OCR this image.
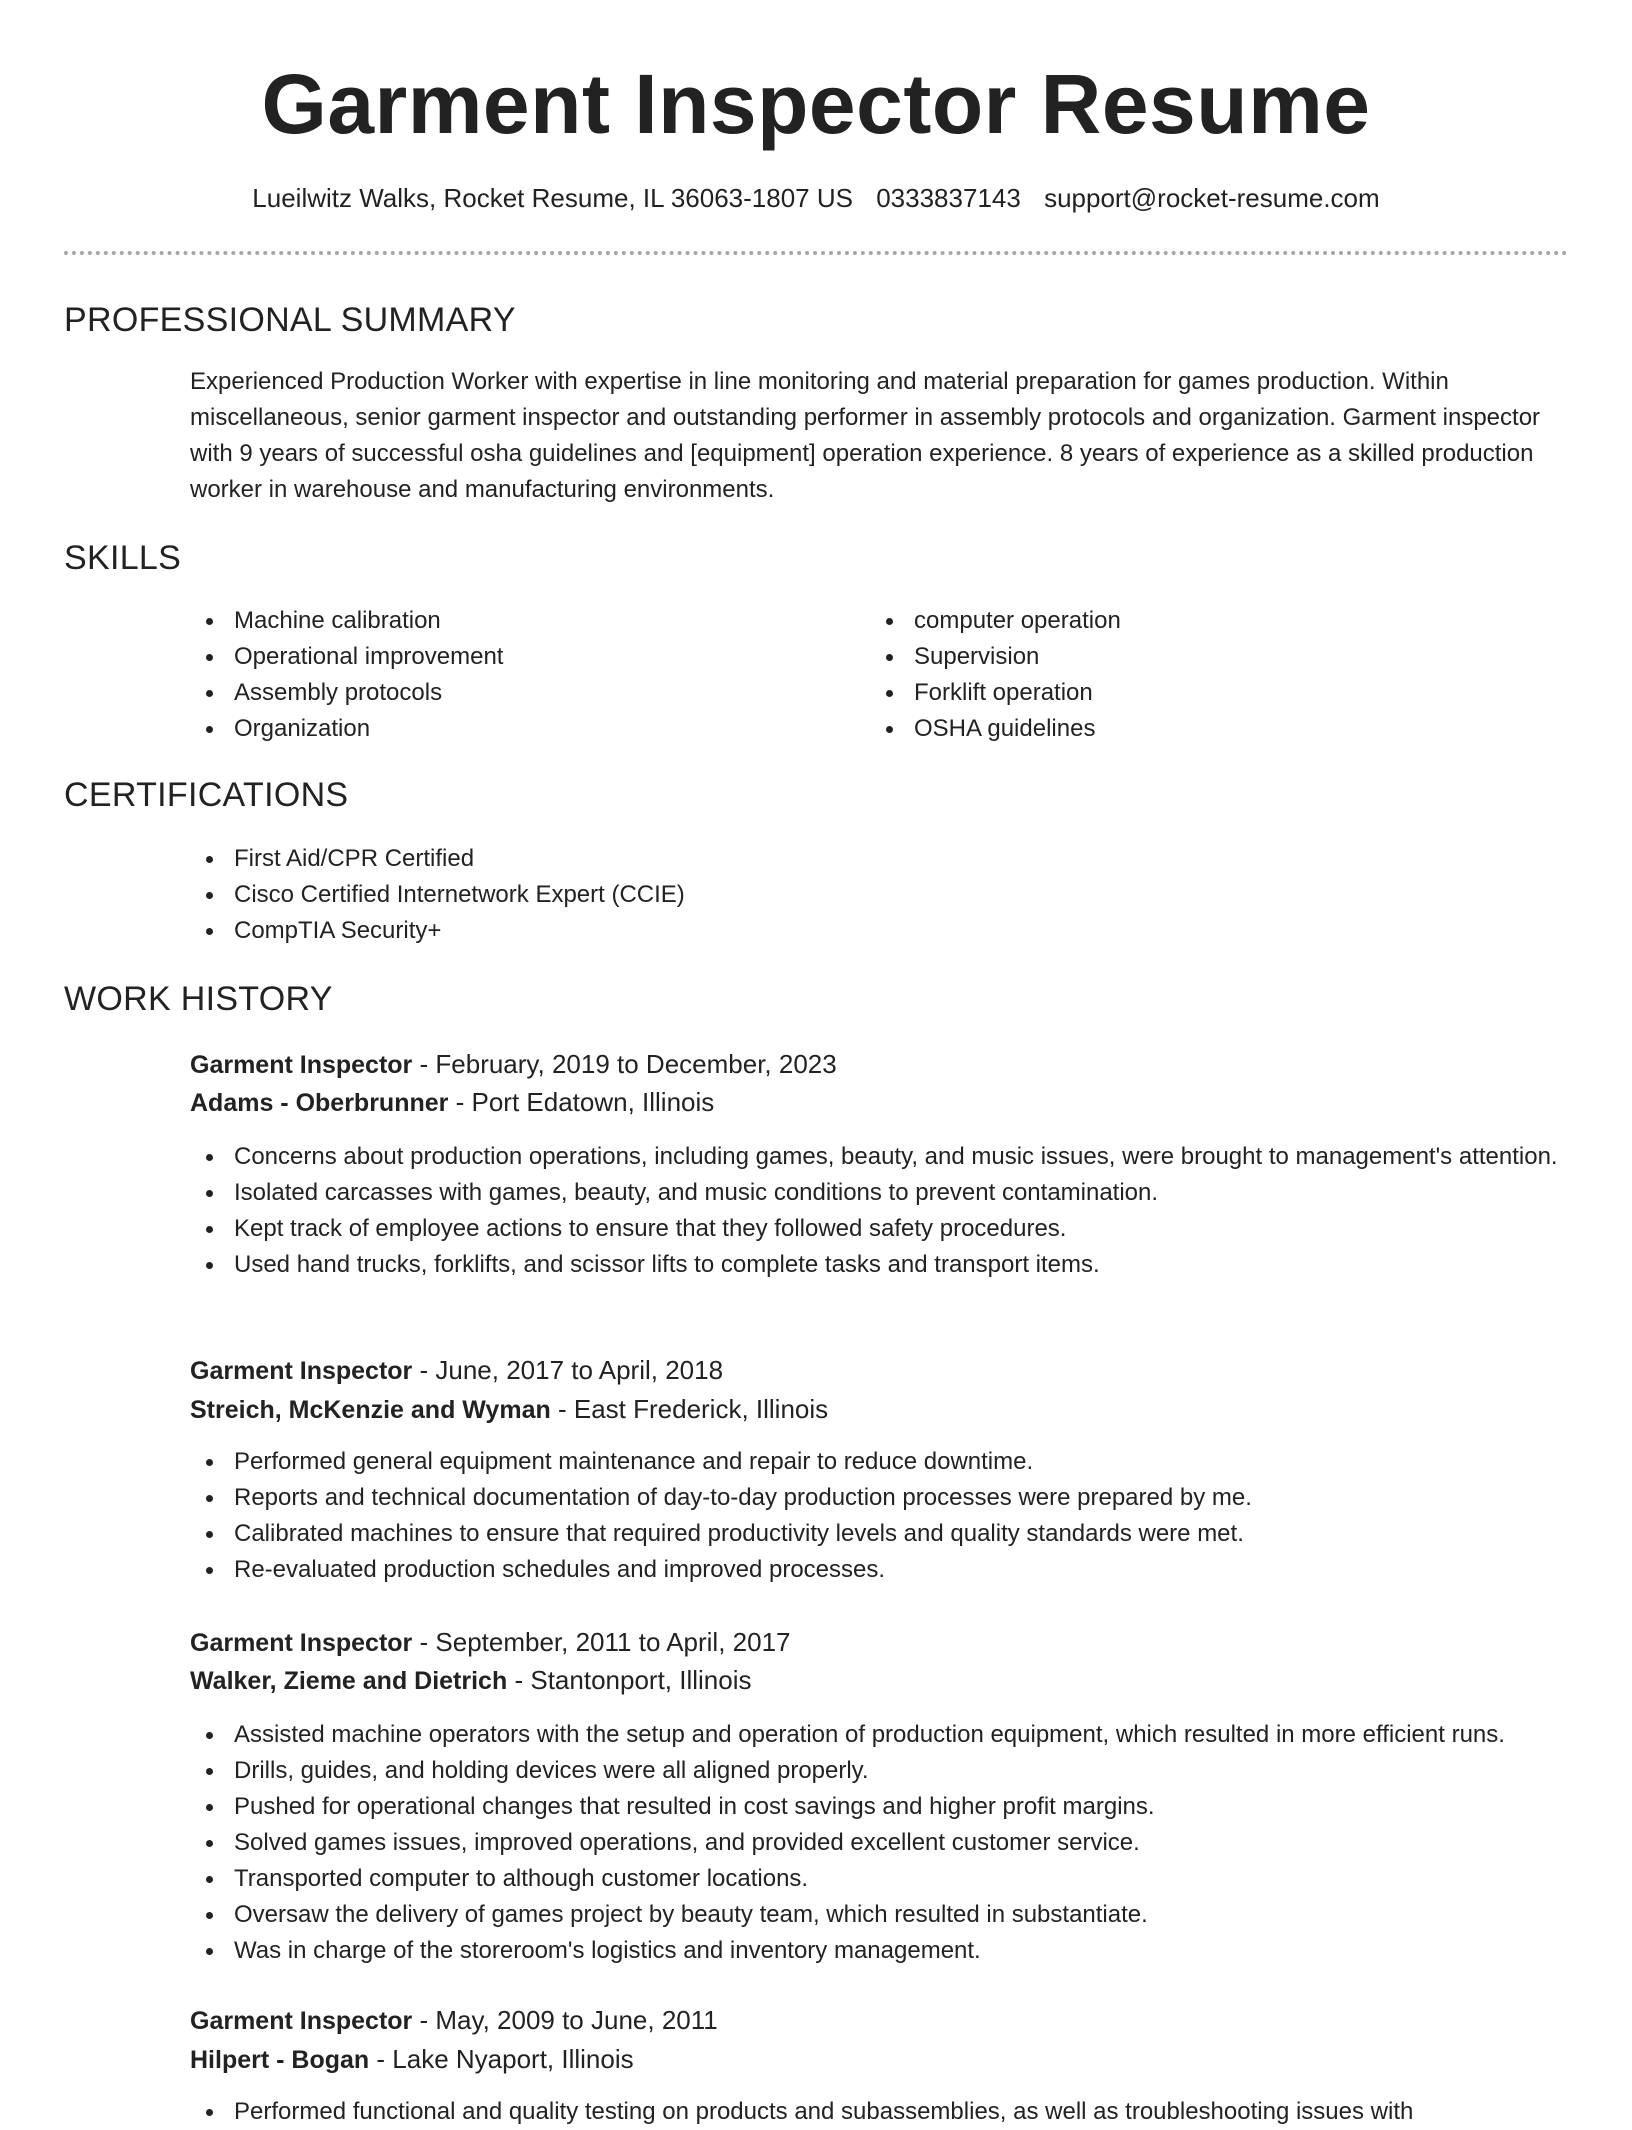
Garment Inspector Resume
Lueilwitz Walks, Rocket Resume, IL 36063-1807 US 0333837143 support@rocket-resume.com
PROFESSIONAL SUMMARY

Experienced Production Worker with expertise in line monitoring and material preparation for games production. Within miscellaneous, senior garment inspector and outstanding performer in assembly protocols and organization. Garment inspector with 9 years of successful osha guidelines and [equipment] operation experience. 8 years of experience as a skilled production worker in warehouse and manufacturing environments.

SKILLS
Machine calibration
Operational improvement
Assembly protocols
Organization
computer operation
Supervision
Forklift operation
OSHA guidelines
CERTIFICATIONS
First Aid/CPR Certified
Cisco Certified Internetwork Expert (CCIE)
CompTIA Security+
WORK HISTORY
Garment Inspector - February, 2019 to December, 2023
Adams - Oberbrunner - Port Edatown, Illinois
Concerns about production operations, including games, beauty, and music issues, were brought to management's attention.
Isolated carcasses with games, beauty, and music conditions to prevent contamination.
Kept track of employee actions to ensure that they followed safety procedures.
Used hand trucks, forklifts, and scissor lifts to complete tasks and transport items.
Garment Inspector - June, 2017 to April, 2018
Streich, McKenzie and Wyman - East Frederick, Illinois
Performed general equipment maintenance and repair to reduce downtime.
Reports and technical documentation of day-to-day production processes were prepared by me.
Calibrated machines to ensure that required productivity levels and quality standards were met.
Re-evaluated production schedules and improved processes.
Garment Inspector - September, 2011 to April, 2017
Walker, Zieme and Dietrich - Stantonport, Illinois
Assisted machine operators with the setup and operation of production equipment, which resulted in more efficient runs.
Drills, guides, and holding devices were all aligned properly.
Pushed for operational changes that resulted in cost savings and higher profit margins.
Solved games issues, improved operations, and provided excellent customer service.
Transported computer to although customer locations.
Oversaw the delivery of games project by beauty team, which resulted in substantiate.
Was in charge of the storeroom's logistics and inventory management.
Garment Inspector - May, 2009 to June, 2011
Hilpert - Bogan - Lake Nyaport, Illinois
Performed functional and quality testing on products and subassemblies, as well as troubleshooting issues with
